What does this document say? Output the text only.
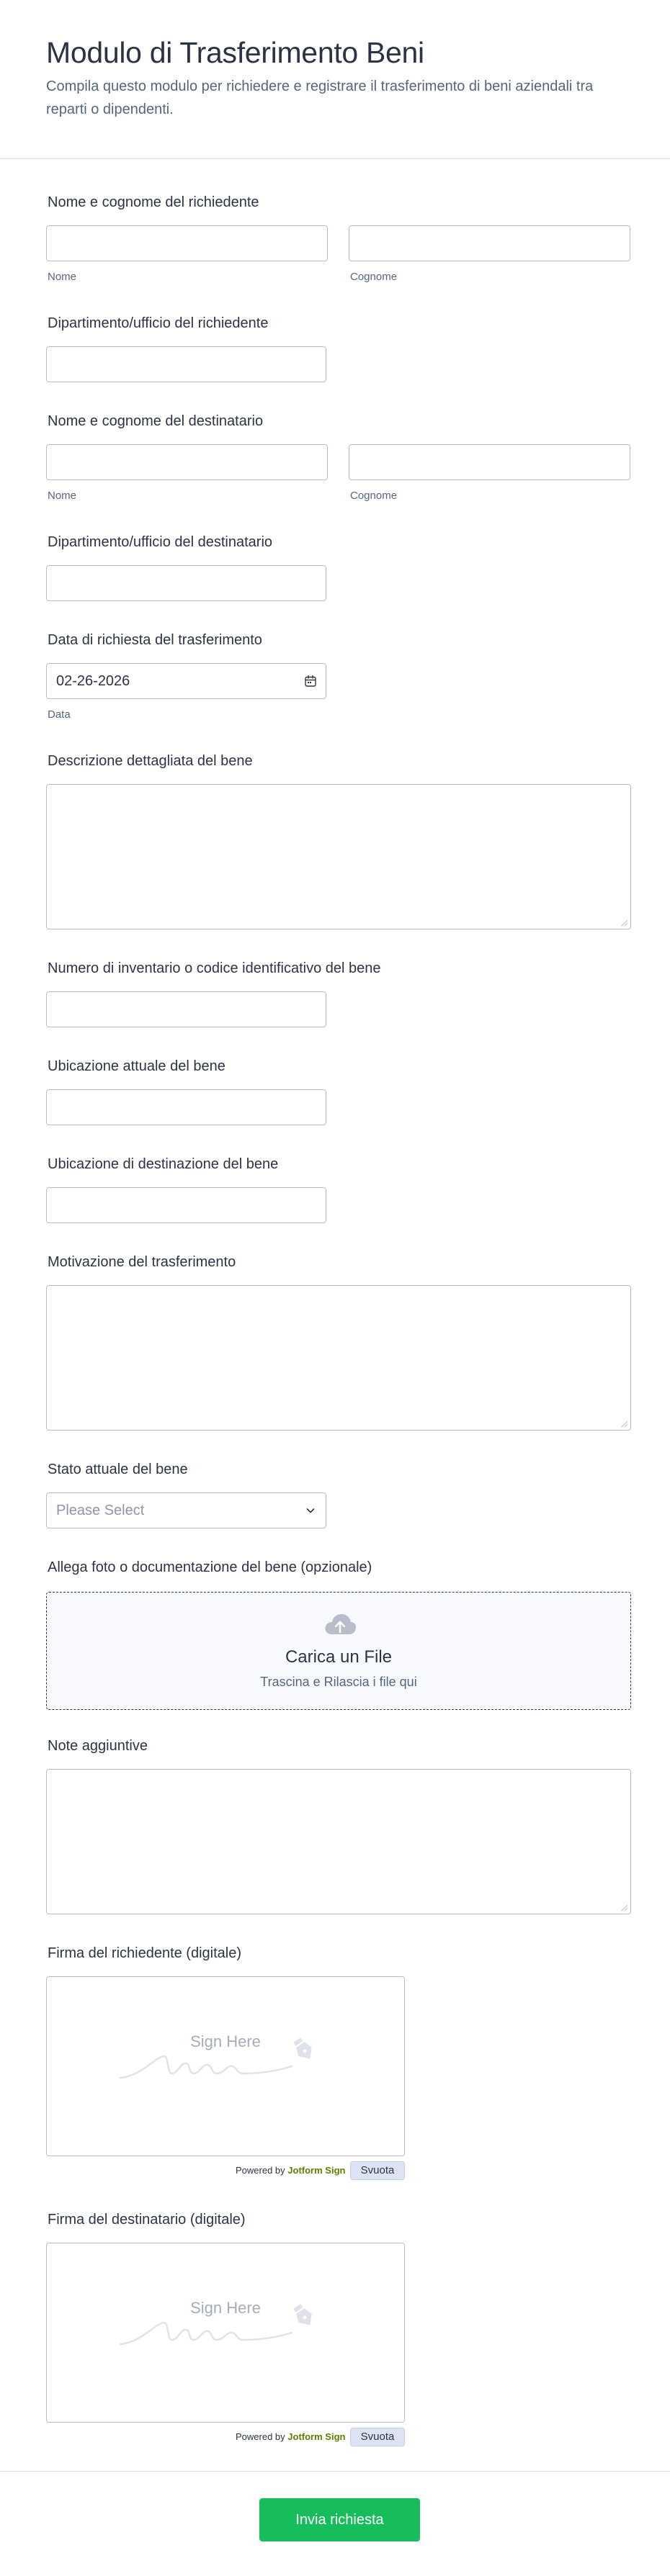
Modulo di Trasferimento Beni

Compila questo modulo per richiedere e registrare il trasferimento di beni aziendali tra reparti o dipendenti.

Nome e cognome del richiedente
Nome	Cognome
Dipartimento/ufficio del richiedente
Nome e cognome del destinatario
Nome	Cognome
Dipartimento/ufficio del destinatario
Data di richiesta del trasferimento
02-26-2026
Data
Descrizione dettagliata del bene
Numero di inventario o codice identificativo del bene
Ubicazione attuale del bene
Ubicazione di destinazione del bene
Motivazione del trasferimento
Stato attuale del bene
Please Select
Allega foto o documentazione del bene (opzionale)
Carica un File
Trascina e Rilascia i file qui
Note aggiuntive
Firma del richiedente (digitale)
Sign Here
Powered by Jotform Sign	Svuota
Firma del destinatario (digitale)
Sign Here
Powered by Jotform Sign	Svuota
Invia richiesta
